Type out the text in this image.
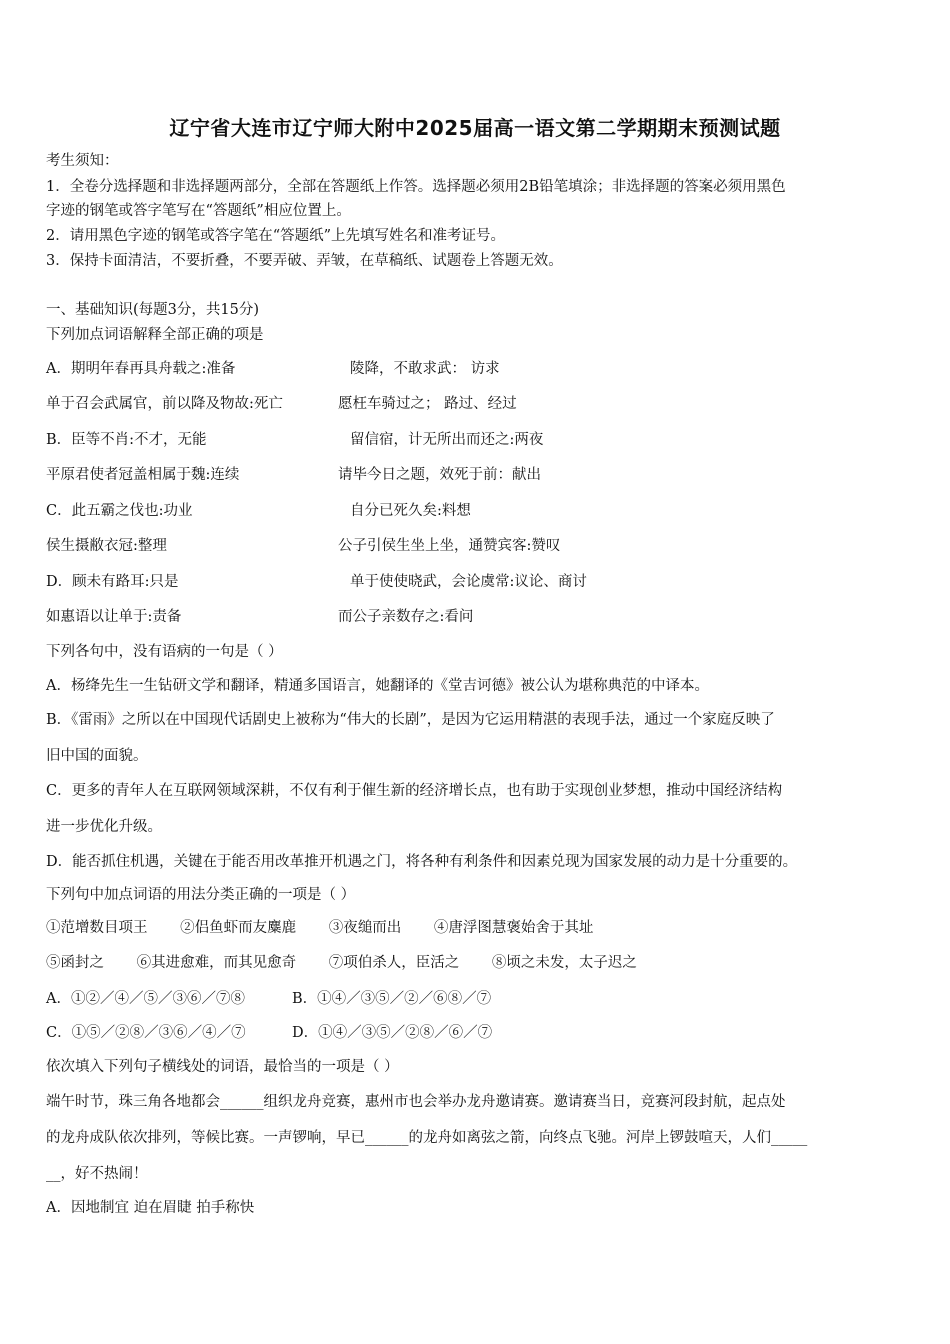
辽宁省大连市辽宁师大附中2025届高一语文第二学期期末预测试题
考生须知：
1．全卷分选择题和非选择题两部分，全部在答题纸上作答。选择题必须用2B铅笔填涂；非选择题的答案必须用黑色
字迹的钢笔或答字笔写在“答题纸”相应位置上。
2．请用黑色字迹的钢笔或答字笔在“答题纸”上先填写姓名和准考证号。
3．保持卡面清洁，不要折叠，不要弄破、弄皱，在草稿纸、试题卷上答题无效。
一、基础知识(每题3分，共15分)
下列加点词语解释全部正确的项是
A．期明年春再具舟载之:准备	陵降，不敢求武： 访求
单于召会武属官，前以降及物故:死亡	愿枉车骑过之； 路过、经过
B．臣等不肖:不才，无能	留信宿，计无所出而还之:两夜
平原君使者冠盖相属于魏:连续	请毕今日之题，效死于前：献出
C．此五霸之伐也:功业	自分已死久矣:料想
侯生摄敝衣冠:整理	公子引侯生坐上坐，通赞宾客:赞叹
D．顾未有路耳:只是	单于使使晓武，会论虞常:议论、商讨
如惠语以让单于:责备	而公子亲数存之:看问
下列各句中，没有语病的一句是（ ）
A．杨绛先生一生钻研文学和翻译，精通多国语言，她翻译的《堂吉诃德》被公认为堪称典范的中译本。
B．《雷雨》之所以在中国现代话剧史上被称为“伟大的长剧”，是因为它运用精湛的表现手法，通过一个家庭反映了
旧中国的面貌。
C．更多的青年人在互联网领域深耕，不仅有利于催生新的经济增长点，也有助于实现创业梦想，推动中国经济结构
进一步优化升级。
D．能否抓住机遇，关键在于能否用改革推开机遇之门，将各种有利条件和因素兑现为国家发展的动力是十分重要的。
下列句中加点词语的用法分类正确的一项是（ ）
①范增数目项王 ②侣鱼虾而友麋鹿 ③夜缒而出 ④唐浮图慧褒始舍于其址
⑤函封之 ⑥其进愈难，而其见愈奇 ⑦项伯杀人，臣活之 ⑧顷之未发，太子迟之
A．①②／④／⑤／③⑥／⑦⑧	B．①④／③⑤／②／⑥⑧／⑦
C．①⑤／②⑧／③⑥／④／⑦	D．①④／③⑤／②⑧／⑥／⑦
依次填入下列句子横线处的词语，最恰当的一项是（ ）
端午时节，珠三角各地都会______组织龙舟竞赛，惠州市也会举办龙舟邀请赛。邀请赛当日，竞赛河段封航，起点处
的龙舟成队依次排列，等候比赛。一声锣响，早已______的龙舟如离弦之箭，向终点飞驰。河岸上锣鼓喧天，人们_____
__，好不热闹！
A．因地制宜 迫在眉睫 拍手称快
